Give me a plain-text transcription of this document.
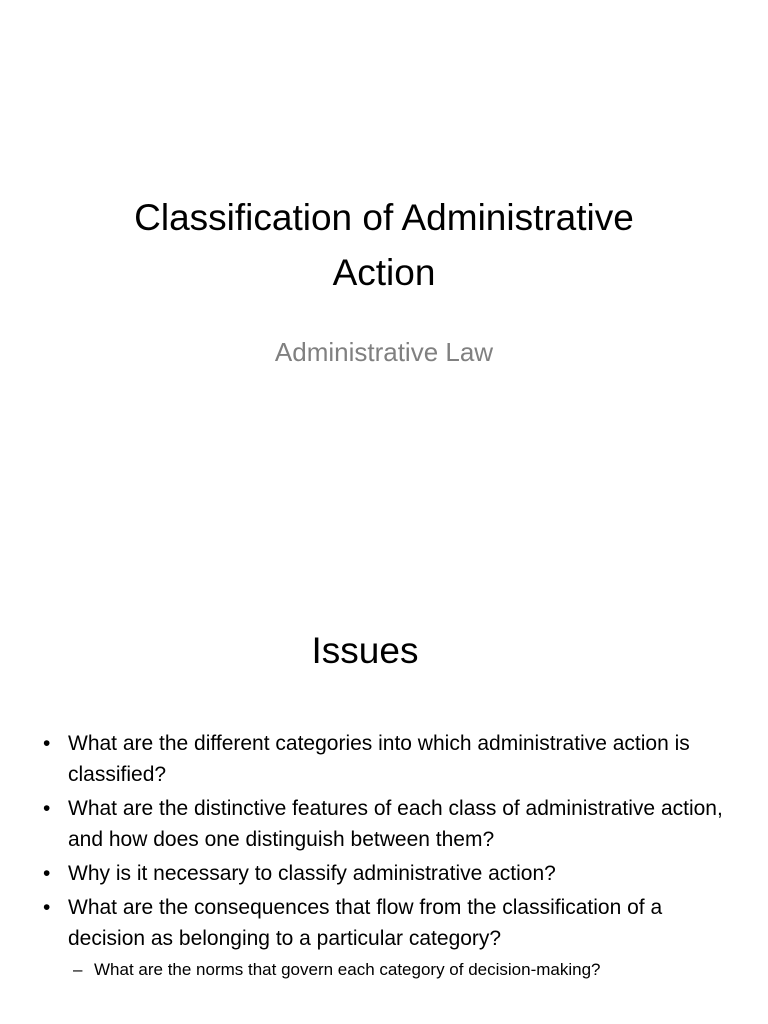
Classification of Administrative
Action
Administrative Law
Issues
• What are the different categories into which administrative action is classified?
• What are the distinctive features of each class of administrative action, and how does one distinguish between them?
• Why is it necessary to classify administrative action?
• What are the consequences that flow from the classification of a decision as belonging to a particular category?
– What are the norms that govern each category of decision-making?
